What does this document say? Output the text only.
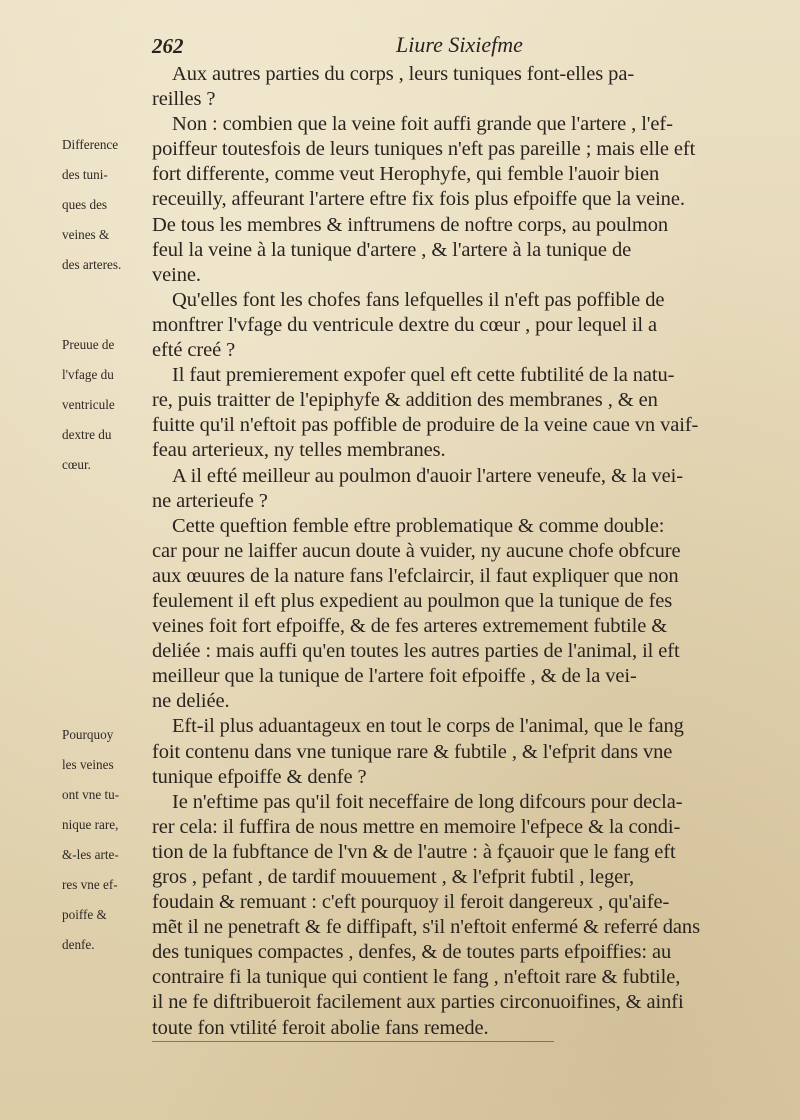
262	Liure Sixiefme

Difference

des tuni-

ques des

veines &

des arteres.

Preuue de

l'vfage du

ventricule

dextre du

cœur.

Pourquoy

les veines

ont vne tu-

nique rare,

&-les arte-

res vne ef-

poiffe &

denfe.

Aux autres parties du corps , leurs tuniques font-elles pa-
reilles ?
Non : combien que la veine foit auffi grande que l'artere , l'ef-
poiffeur toutesfois de leurs tuniques n'eft pas pareille ; mais elle eft
fort differente, comme veut Herophyfe, qui femble l'auoir bien
receuilly, affeurant l'artere eftre fix fois plus efpoiffe que la veine.
De tous les membres & inftrumens de noftre corps, au poulmon
feul la veine à la tunique d'artere , & l'artere à la tunique de
veine.
Qu'elles font les chofes fans lefquelles il n'eft pas poffible de
monftrer l'vfage du ventricule dextre du cœur , pour lequel il a
efté creé ?
Il faut premierement expofer quel eft cette fubtilité de la natu-
re, puis traitter de l'epiphyfe & addition des membranes , & en
fuitte qu'il n'eftoit pas poffible de produire de la veine caue vn vaif-
feau arterieux, ny telles membranes.
A il efté meilleur au poulmon d'auoir l'artere veneufe, & la vei-
ne arterieufe ?
Cette queftion femble eftre problematique & comme double:
car pour ne laiffer aucun doute à vuider, ny aucune chofe obfcure
aux œuures de la nature fans l'efclaircir, il faut expliquer que non
feulement il eft plus expedient au poulmon que la tunique de fes
veines foit fort efpoiffe, & de fes arteres extremement fubtile &
deliée : mais auffi qu'en toutes les autres parties de l'animal, il eft
meilleur que la tunique de l'artere foit efpoiffe , & de la vei-
ne deliée.
Eft-il plus aduantageux en tout le corps de l'animal, que le fang
foit contenu dans vne tunique rare & fubtile , & l'efprit dans vne
tunique efpoiffe & denfe ?
Ie n'eftime pas qu'il foit neceffaire de long difcours pour decla-
rer cela: il fuffira de nous mettre en memoire l'efpece & la condi-
tion de la fubftance de l'vn & de l'autre : à fçauoir que le fang eft
gros , pefant , de tardif mouuement , & l'efprit fubtil , leger,
foudain & remuant : c'eft pourquoy il feroit dangereux , qu'aife-
mẽt il ne penetraft & fe diffipaft, s'il n'eftoit enfermé & referré dans
des tuniques compactes , denfes, & de toutes parts efpoiffies: au
contraire fi la tunique qui contient le fang , n'eftoit rare & fubtile,
il ne fe diftribueroit facilement aux parties circonuoifines, & ainfi
toute fon vtilité feroit abolie fans remede.
